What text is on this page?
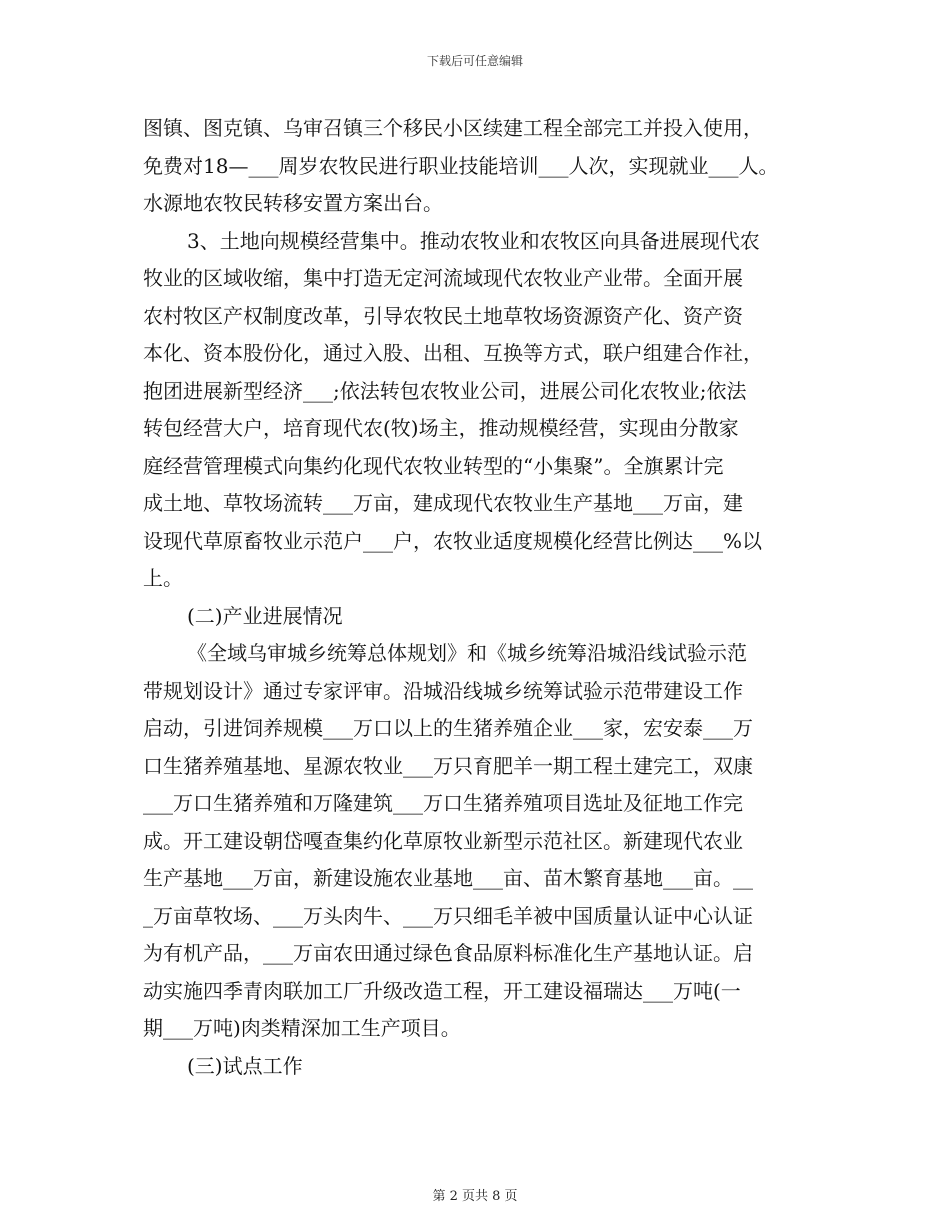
下载后可任意编辑
图镇、图克镇、乌审召镇三个移民小区续建工程全部完工并投入使用，
免费对18—___周岁农牧民进行职业技能培训___人次，实现就业___人。
水源地农牧民转移安置方案出台。
3、土地向规模经营集中。推动农牧业和农牧区向具备进展现代农
牧业的区域收缩，集中打造无定河流域现代农牧业产业带。全面开展
农村牧区产权制度改革，引导农牧民土地草牧场资源资产化、资产资
本化、资本股份化，通过入股、出租、互换等方式，联户组建合作社，
抱团进展新型经济___;依法转包农牧业公司，进展公司化农牧业;依法
转包经营大户，培育现代农(牧)场主，推动规模经营，实现由分散家
庭经营管理模式向集约化现代农牧业转型的“小集聚”。全旗累计完
成土地、草牧场流转___万亩，建成现代农牧业生产基地___万亩，建
设现代草原畜牧业示范户___户，农牧业适度规模化经营比例达___%以
上。
(二)产业进展情况
《全域乌审城乡统筹总体规划》和《城乡统筹沿城沿线试验示范
带规划设计》通过专家评审。沿城沿线城乡统筹试验示范带建设工作
启动，引进饲养规模___万口以上的生猪养殖企业___家，宏安泰___万
口生猪养殖基地、星源农牧业___万只育肥羊一期工程土建完工，双康
___万口生猪养殖和万隆建筑___万口生猪养殖项目选址及征地工作完
成。开工建设朝岱嘎查集约化草原牧业新型示范社区。新建现代农业
生产基地___万亩，新建设施农业基地___亩、苗木繁育基地___亩。__
_万亩草牧场、___万头肉牛、___万只细毛羊被中国质量认证中心认证
为有机产品，___万亩农田通过绿色食品原料标准化生产基地认证。启
动实施四季青肉联加工厂升级改造工程，开工建设福瑞达___万吨(一
期___万吨)肉类精深加工生产项目。
(三)试点工作
第 2 页共 8 页
